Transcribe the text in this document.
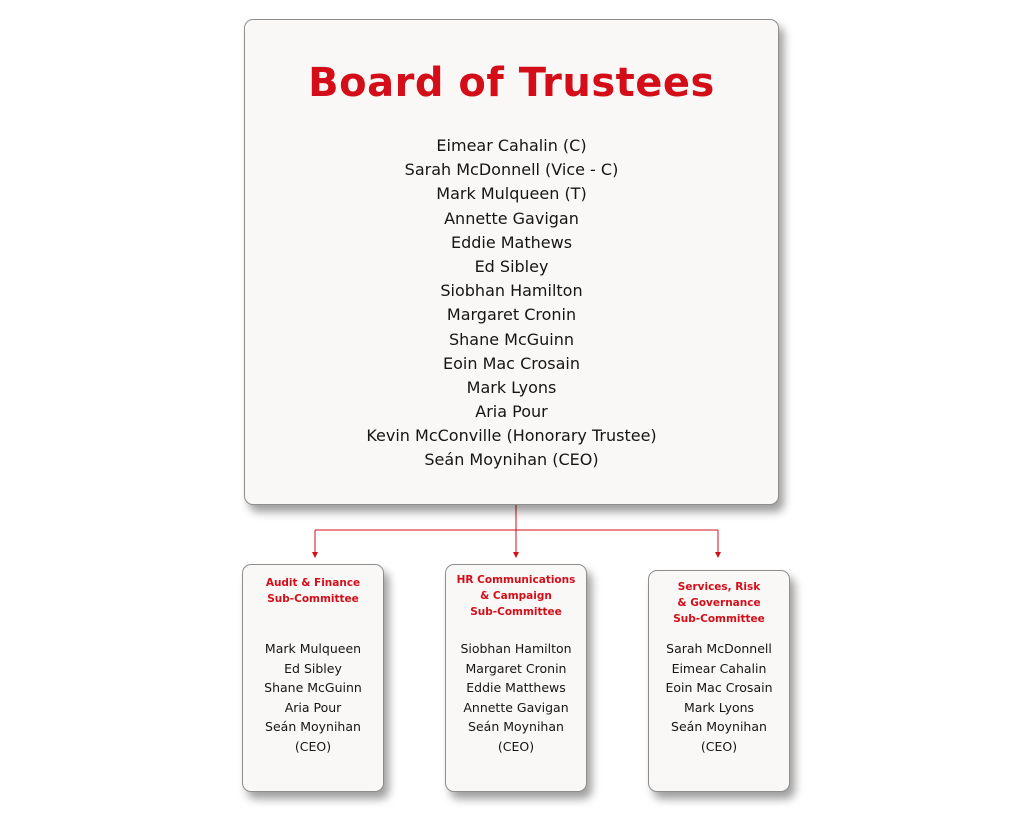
Board of Trustees
Eimear Cahalin (C)
Sarah McDonnell (Vice - C)
Mark Mulqueen (T)
Annette Gavigan
Eddie Mathews
Ed Sibley
Siobhan Hamilton
Margaret Cronin
Shane McGuinn
Eoin Mac Crosain
Mark Lyons
Aria Pour
Kevin McConville (Honorary Trustee)
Seán Moynihan (CEO)
Audit & Finance
Sub-Committee
Mark Mulqueen
Ed Sibley
Shane McGuinn
Aria Pour
Seán Moynihan
(CEO)
HR Communications
& Campaign
Sub-Committee
Siobhan Hamilton
Margaret Cronin
Eddie Matthews
Annette Gavigan
Seán Moynihan
(CEO)
Services, Risk
& Governance
Sub-Committee
Sarah McDonnell
Eimear Cahalin
Eoin Mac Crosain
Mark Lyons
Seán Moynihan
(CEO)
